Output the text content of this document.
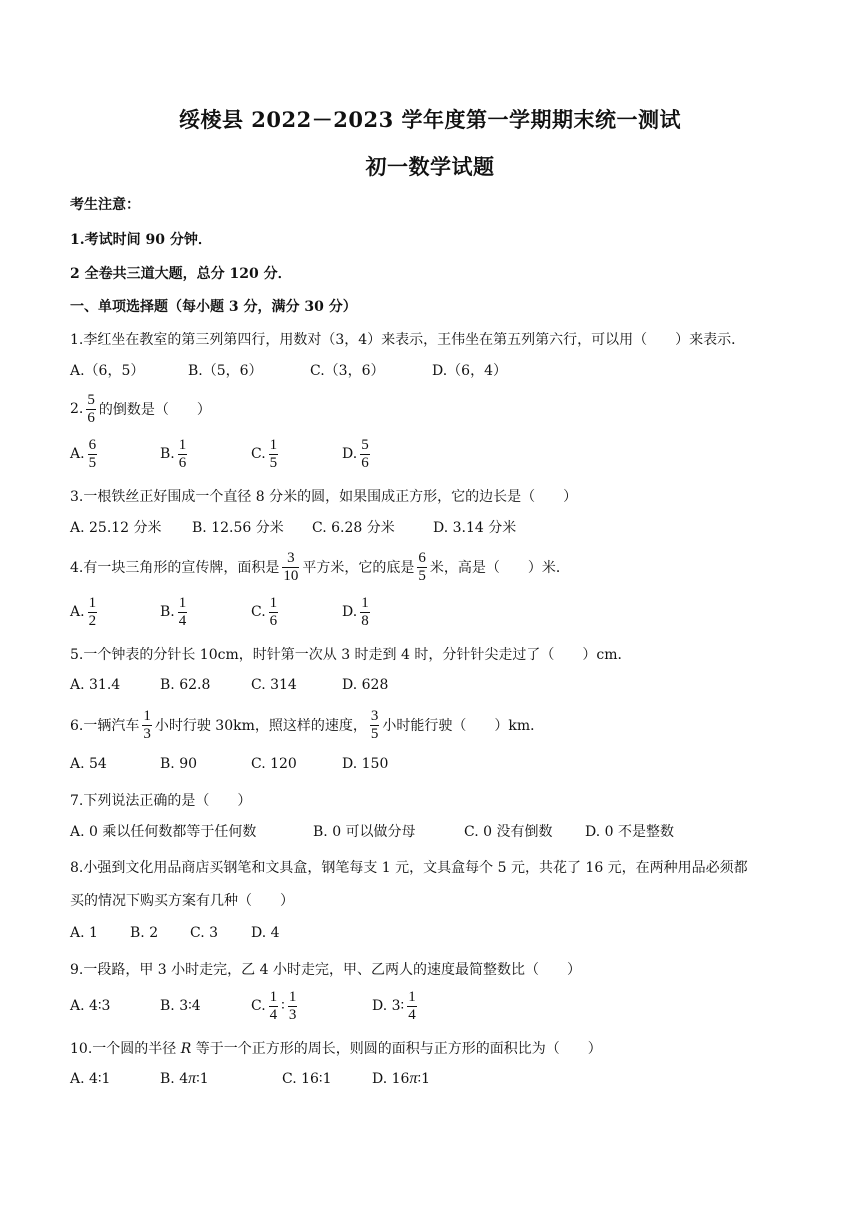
绥棱县 2022－2023 学年度第一学期期末统一测试
初一数学试题
考生注意：
1.考试时间 90 分钟．
2 全卷共三道大题，总分 120 分．
一、单项选择题（每小题 3 分，满分 30 分）
1.李红坐在教室的第三列第四行，用数对（3，4）来表示，王伟坐在第五列第六行，可以用（　　）来表示．
A.（6，5）	B.（5，6）	C.（3，6）	D.（6，4）
2. $\frac{5}{6}$ 的倒数是（　　）
A. $\frac{6}{5}$	B. $\frac{1}{6}$	C. $\frac{1}{5}$	D. $\frac{5}{6}$
3.一根铁丝正好围成一个直径 8 分米的圆，如果围成正方形，它的边长是（　　）
A. 25.12 分米 B. 12.56 分米 C. 6.28 分米	D. 3.14 分米
4.有一块三角形的宣传牌，面积是 $\frac{3}{10}$ 平方米，它的底是 $\frac{6}{5}$ 米，高是（　　）米．
A. $\frac{1}{2}$	B. $\frac{1}{4}$	C. $\frac{1}{6}$	D. $\frac{1}{8}$
5.一个钟表的分针长 10cm，时针第一次从 3 时走到 4 时，分针针尖走过了（　　）cm．
A. 31.4	B. 62.8	C. 314	D. 628
6.一辆汽车 $\frac{1}{3}$ 小时行驶 30km，照这样的速度， $\frac{3}{5}$ 小时能行驶（　　）km．
A. 54	B. 90	C. 120	D. 150
7.下列说法正确的是（　　）
A. 0 乘以任何数都等于任何数	B. 0 可以做分母	C. 0 没有倒数 D. 0 不是整数
8.小强到文化用品商店买钢笔和文具盒，钢笔每支 1 元，文具盒每个 5 元，共花了 16 元，在两种用品必须都
买的情况下购买方案有几种（　　）
A. 1 B. 2 C. 3 D. 4
9.一段路，甲 3 小时走完，乙 4 小时走完，甲、乙两人的速度最简整数比（　　）
A. 4∶3	B. 3∶4	C. $\frac{1}{4}$ ∶ $\frac{1}{3}$	D. 3∶ $\frac{1}{4}$
10.一个圆的半径 R 等于一个正方形的周长，则圆的面积与正方形的面积比为（　　）
A. 4∶1	B. 4 π ∶1	C. 16∶1	D. 16 π ∶1
